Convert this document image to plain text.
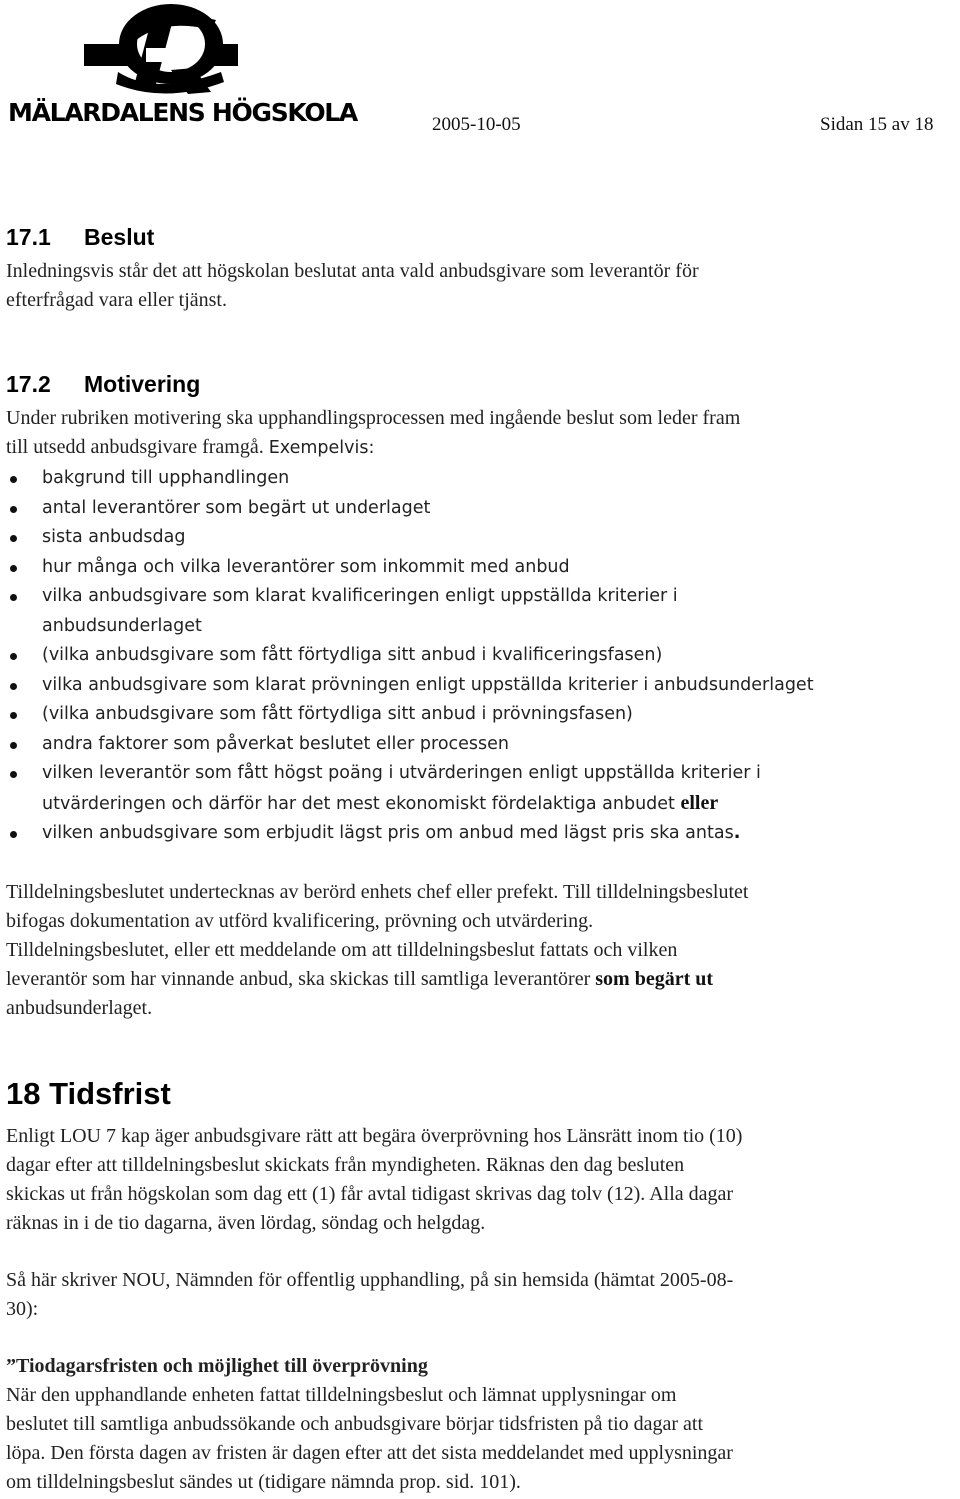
MÄLARDALENS HÖGSKOLA	2005-10-05	Sidan 15 av 18
17.1 Beslut
Inledningsvis står det att högskolan beslutat anta vald anbudsgivare som leverantör för
efterfrågad vara eller tjänst.
17.2 Motivering
Under rubriken motivering ska upphandlingsprocessen med ingående beslut som leder fram
till utsedd anbudsgivare framgå. Exempelvis:
bakgrund till upphandlingen
antal leverantörer som begärt ut underlaget
sista anbudsdag
hur många och vilka leverantörer som inkommit med anbud
vilka anbudsgivare som klarat kvalificeringen enligt uppställda kriterier i
anbudsunderlaget
(vilka anbudsgivare som fått förtydliga sitt anbud i kvalificeringsfasen)
vilka anbudsgivare som klarat prövningen enligt uppställda kriterier i anbudsunderlaget
(vilka anbudsgivare som fått förtydliga sitt anbud i prövningsfasen)
andra faktorer som påverkat beslutet eller processen
vilken leverantör som fått högst poäng i utvärderingen enligt uppställda kriterier i
utvärderingen och därför har det mest ekonomiskt fördelaktiga anbudet eller
vilken anbudsgivare som erbjudit lägst pris om anbud med lägst pris ska antas.
Tilldelningsbeslutet undertecknas av berörd enhets chef eller prefekt. Till tilldelningsbeslutet
bifogas dokumentation av utförd kvalificering, prövning och utvärdering.
Tilldelningsbeslutet, eller ett meddelande om att tilldelningsbeslut fattats och vilken
leverantör som har vinnande anbud, ska skickas till samtliga leverantörer som begärt ut
anbudsunderlaget.
18 Tidsfrist
Enligt LOU 7 kap äger anbudsgivare rätt att begära överprövning hos Länsrätt inom tio (10)
dagar efter att tilldelningsbeslut skickats från myndigheten. Räknas den dag besluten
skickas ut från högskolan som dag ett (1) får avtal tidigast skrivas dag tolv (12). Alla dagar
räknas in i de tio dagarna, även lördag, söndag och helgdag.
Så här skriver NOU, Nämnden för offentlig upphandling, på sin hemsida (hämtat 2005-08-
30):
”Tiodagarsfristen och möjlighet till överprövning
När den upphandlande enheten fattat tilldelningsbeslut och lämnat upplysningar om
beslutet till samtliga anbudssökande och anbudsgivare börjar tidsfristen på tio dagar att
löpa. Den första dagen av fristen är dagen efter att det sista meddelandet med upplysningar
om tilldelningsbeslut sändes ut (tidigare nämnda prop. sid. 101).
